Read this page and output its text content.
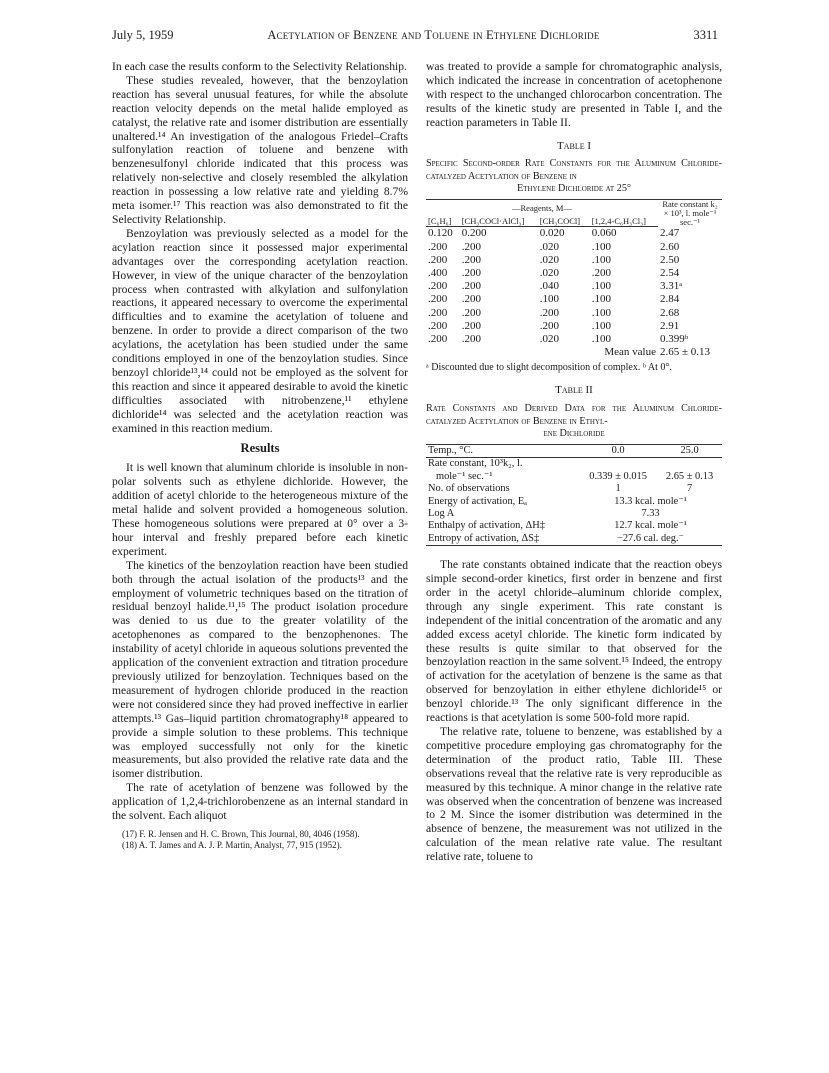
July 5, 1959	Acetylation of Benzene and Toluene in Ethylene Dichloride	3311

In each case the results conform to the Selectivity Relationship.

These studies revealed, however, that the benzoylation reaction has several unusual features, for while the absolute reaction velocity depends on the metal halide employed as catalyst, the relative rate and isomer distribution are essentially unaltered.¹⁴ An investigation of the analogous Friedel–Crafts sulfonylation reaction of toluene and benzene with benzenesulfonyl chloride indicated that this process was relatively non-selective and closely resembled the alkylation reaction in possessing a low relative rate and yielding 8.7% meta isomer.¹⁷ This reaction was also demonstrated to fit the Selectivity Relationship.

Benzoylation was previously selected as a model for the acylation reaction since it possessed major experimental advantages over the corresponding acetylation reaction. However, in view of the unique character of the benzoylation process when contrasted with alkylation and sulfonylation reactions, it appeared necessary to overcome the experimental difficulties and to examine the acetylation of toluene and benzene. In order to provide a direct comparison of the two acylations, the acetylation has been studied under the same conditions employed in one of the benzoylation studies. Since benzoyl chloride¹³,¹⁴ could not be employed as the solvent for this reaction and since it appeared desirable to avoid the kinetic difficulties associated with nitrobenzene,¹¹ ethylene dichloride¹⁴ was selected and the acetylation reaction was examined in this reaction medium.

Results

It is well known that aluminum chloride is insoluble in non-polar solvents such as ethylene dichloride. However, the addition of acetyl chloride to the heterogeneous mixture of the metal halide and solvent provided a homogeneous solution. These homogeneous solutions were prepared at 0° over a 3-hour interval and freshly prepared before each kinetic experiment.

The kinetics of the benzoylation reaction have been studied both through the actual isolation of the products¹³ and the employment of volumetric techniques based on the titration of residual benzoyl halide.¹¹,¹⁵ The product isolation procedure was denied to us due to the greater volatility of the acetophenones as compared to the benzophenones. The instability of acetyl chloride in aqueous solutions prevented the application of the convenient extraction and titration procedure previously utilized for benzoylation. Techniques based on the measurement of hydrogen chloride produced in the reaction were not considered since they had proved ineffective in earlier attempts.¹³ Gas–liquid partition chromatography¹⁸ appeared to provide a simple solution to these problems. This technique was employed successfully not only for the kinetic measurements, but also provided the relative rate data and the isomer distribution.

The rate of acetylation of benzene was followed by the application of 1,2,4-trichlorobenzene as an internal standard in the solvent. Each aliquot

(17) F. R. Jensen and H. C. Brown, This Journal, 80, 4046 (1958).
(18) A. T. James and A. J. P. Martin, Analyst, 77, 915 (1952).

was treated to provide a sample for chromatographic analysis, which indicated the increase in concentration of acetophenone with respect to the unchanged chlorocarbon concentration. The results of the kinetic study are presented in Table I, and the reaction parameters in Table II.

Table I
Specific Second-order Rate Constants for the Aluminum Chloride-catalyzed Acetylation of Benzene in
Ethylene Dichloride at 25°
—Reagents, M—				Rate constant k₂ × 10³, l. mole⁻¹ sec.⁻¹
[C₆H₆]	[CH₃COCl·AlCl₃]	[CH₃COCl]	[1,2,4-C₆H₃Cl₃]	
0.120	0.200	0.020	0.060	2.47
.200	.200	.020	.100	2.60
.200	.200	.020	.100	2.50
.400	.200	.020	.200	2.54
.200	.200	.040	.100	3.31ᵃ
.200	.200	.100	.100	2.84
.200	.200	.200	.100	2.68
.200	.200	.200	.100	2.91
.200	.200	.020	.100	0.399ᵇ
Mean value				2.65 ± 0.13
ᵃ Discounted due to slight decomposition of complex. ᵇ At 0°.
Table II
Rate Constants and Derived Data for the Aluminum Chloride-catalyzed Acetylation of Benzene in Ethyl-
ene Dichloride
Temp., °C.	0.0	25.0
Rate constant, 10³k₂, l.		
mole⁻¹ sec.⁻¹	0.339 ± 0.015	2.65 ± 0.13
No. of observations	1	7
Energy of activation, Eₐ	13.3 kcal. mole⁻¹	
Log A	7.33	
Enthalpy of activation, ΔH‡	12.7 kcal. mole⁻¹	
Entropy of activation, ΔS‡	−27.6 cal. deg.⁻	

The rate constants obtained indicate that the reaction obeys simple second-order kinetics, first order in benzene and first order in the acetyl chloride–aluminum chloride complex, through any single experiment. This rate constant is independent of the initial concentration of the aromatic and any added excess acetyl chloride. The kinetic form indicated by these results is quite similar to that observed for the benzoylation reaction in the same solvent.¹⁵ Indeed, the entropy of activation for the acetylation of benzene is the same as that observed for benzoylation in either ethylene dichloride¹⁵ or benzoyl chloride.¹³ The only significant difference in the reactions is that acetylation is some 500-fold more rapid.

The relative rate, toluene to benzene, was established by a competitive procedure employing gas chromatography for the determination of the product ratio, Table III. These observations reveal that the relative rate is very reproducible as measured by this technique. A minor change in the relative rate was observed when the concentration of benzene was increased to 2 M. Since the isomer distribution was determined in the absence of benzene, the measurement was not utilized in the calculation of the mean relative rate value. The resultant relative rate, toluene to
